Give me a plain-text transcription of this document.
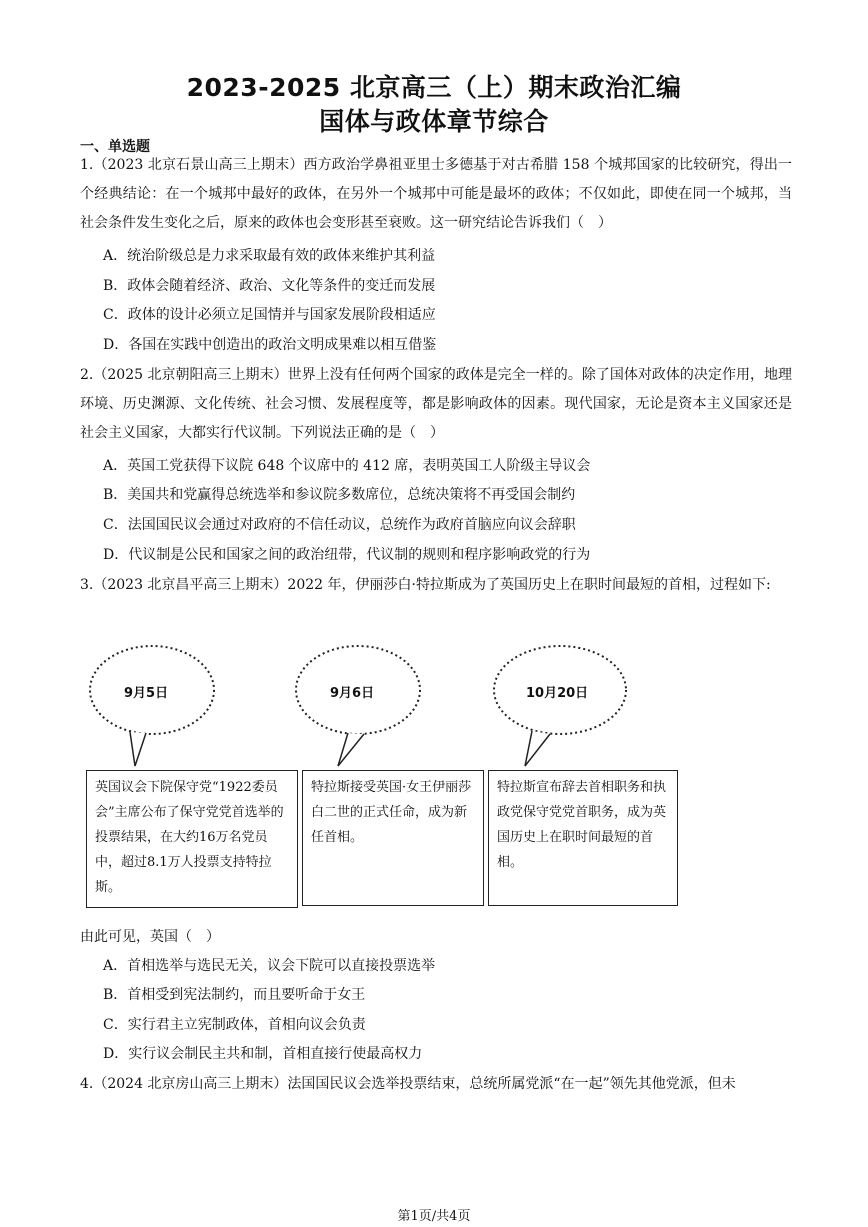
2023-2025 北京高三（上）期末政治汇编
国体与政体章节综合
一、单选题
1.（2023 北京石景山高三上期末）西方政治学鼻祖亚里士多德基于对古希腊 158 个城邦国家的比较研究，得出一个经典结论：在一个城邦中最好的政体，在另外一个城邦中可能是最坏的政体；不仅如此，即使在同一个城邦，当社会条件发生变化之后，原来的政体也会变形甚至衰败。这一研究结论告诉我们（　）
A．统治阶级总是力求采取最有效的政体来维护其利益
B．政体会随着经济、政治、文化等条件的变迁而发展
C．政体的设计必须立足国情并与国家发展阶段相适应
D．各国在实践中创造出的政治文明成果难以相互借鉴
2.（2025 北京朝阳高三上期末）世界上没有任何两个国家的政体是完全一样的。除了国体对政体的决定作用，地理环境、历史渊源、文化传统、社会习惯、发展程度等，都是影响政体的因素。现代国家，无论是资本主义国家还是社会主义国家，大都实行代议制。下列说法正确的是（　）
A．英国工党获得下议院 648 个议席中的 412 席，表明英国工人阶级主导议会
B．美国共和党赢得总统选举和参议院多数席位，总统决策将不再受国会制约
C．法国国民议会通过对政府的不信任动议，总统作为政府首脑应向议会辞职
D．代议制是公民和国家之间的政治纽带，代议制的规则和程序影响政党的行为
3.（2023 北京昌平高三上期末）2022 年，伊丽莎白·特拉斯成为了英国历史上在职时间最短的首相，过程如下:
9月5日	9月6日	10月20日
英国议会下院保守党“1922委员会”主席公布了保守党党首选举的投票结果，在大约16万名党员中，超过8.1万人投票支持特拉斯。
特拉斯接受英国·女王伊丽莎白二世的正式任命，成为新任首相。
特拉斯宣布辞去首相职务和执政党保守党党首职务，成为英国历史上在职时间最短的首相。
由此可见，英国（　）
A．首相选举与选民无关，议会下院可以直接投票选举
B．首相受到宪法制约，而且要听命于女王
C．实行君主立宪制政体，首相向议会负责
D．实行议会制民主共和制，首相直接行使最高权力
4.（2024 北京房山高三上期末）法国国民议会选举投票结束，总统所属党派“在一起”领先其他党派，但未
第1页/共4页
